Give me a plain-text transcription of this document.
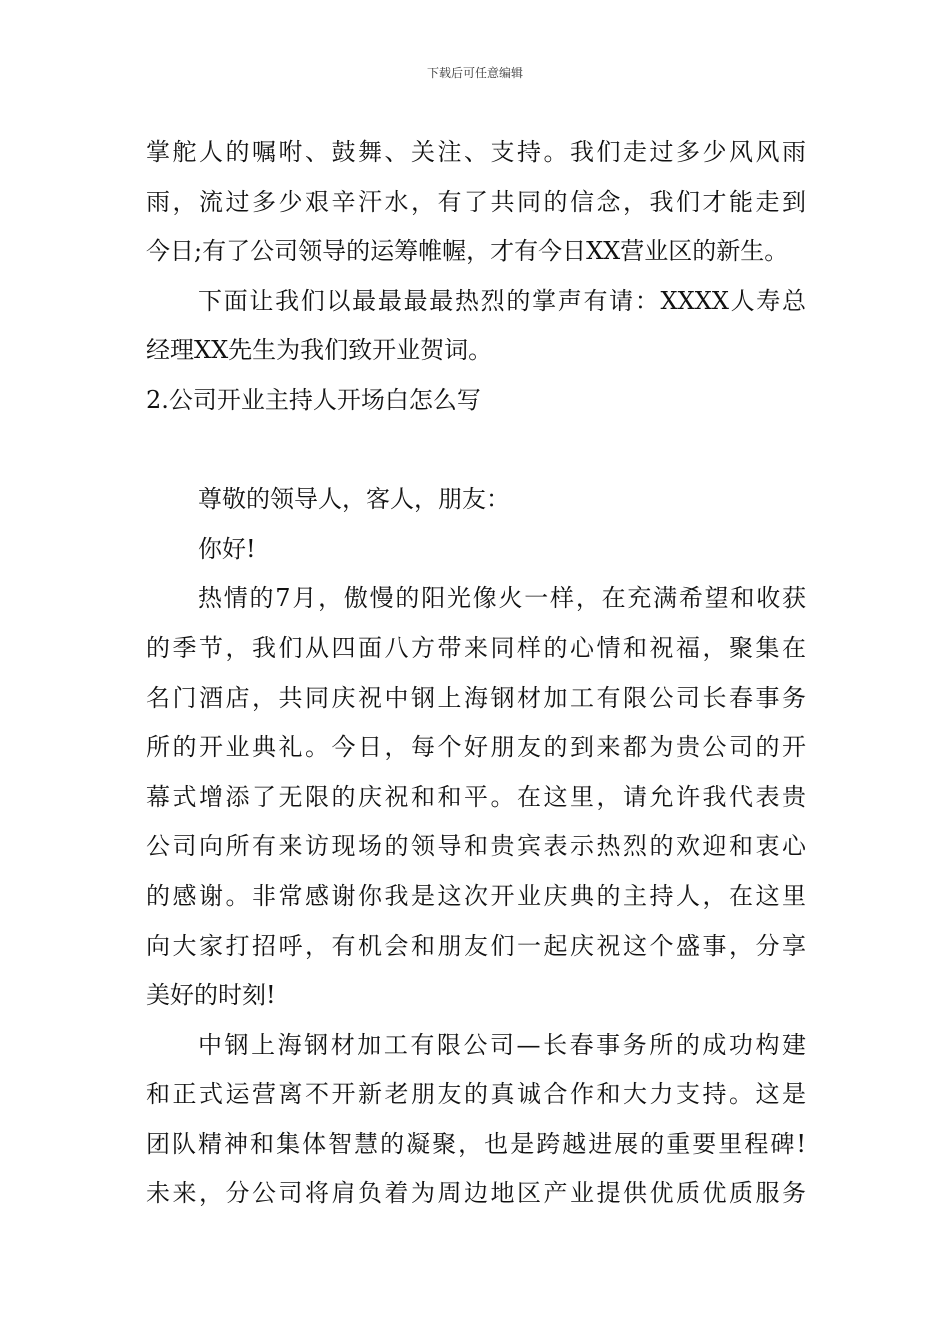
下载后可任意编辑
掌舵人的嘱咐、鼓舞、关注、支持。我们走过多少风风雨
雨，流过多少艰辛汗水，有了共同的信念，我们才能走到
今日;有了公司领导的运筹帷幄，才有今日XX营业区的新生。
下面让我们以最最最最热烈的掌声有请：XXXX人寿总
经理XX先生为我们致开业贺词。
2.公司开业主持人开场白怎么写
尊敬的领导人，客人，朋友：
你好!
热情的7月，傲慢的阳光像火一样，在充满希望和收获
的季节，我们从四面八方带来同样的心情和祝福，聚集在
名门酒店，共同庆祝中钢上海钢材加工有限公司长春事务
所的开业典礼。今日，每个好朋友的到来都为贵公司的开
幕式增添了无限的庆祝和和平。在这里，请允许我代表贵
公司向所有来访现场的领导和贵宾表示热烈的欢迎和衷心
的感谢。非常感谢你我是这次开业庆典的主持人，在这里
向大家打招呼，有机会和朋友们一起庆祝这个盛事，分享
美好的时刻!
中钢上海钢材加工有限公司—长春事务所的成功构建
和正式运营离不开新老朋友的真诚合作和大力支持。这是
团队精神和集体智慧的凝聚，也是跨越进展的重要里程碑!
未来，分公司将肩负着为周边地区产业提供优质优质服务
